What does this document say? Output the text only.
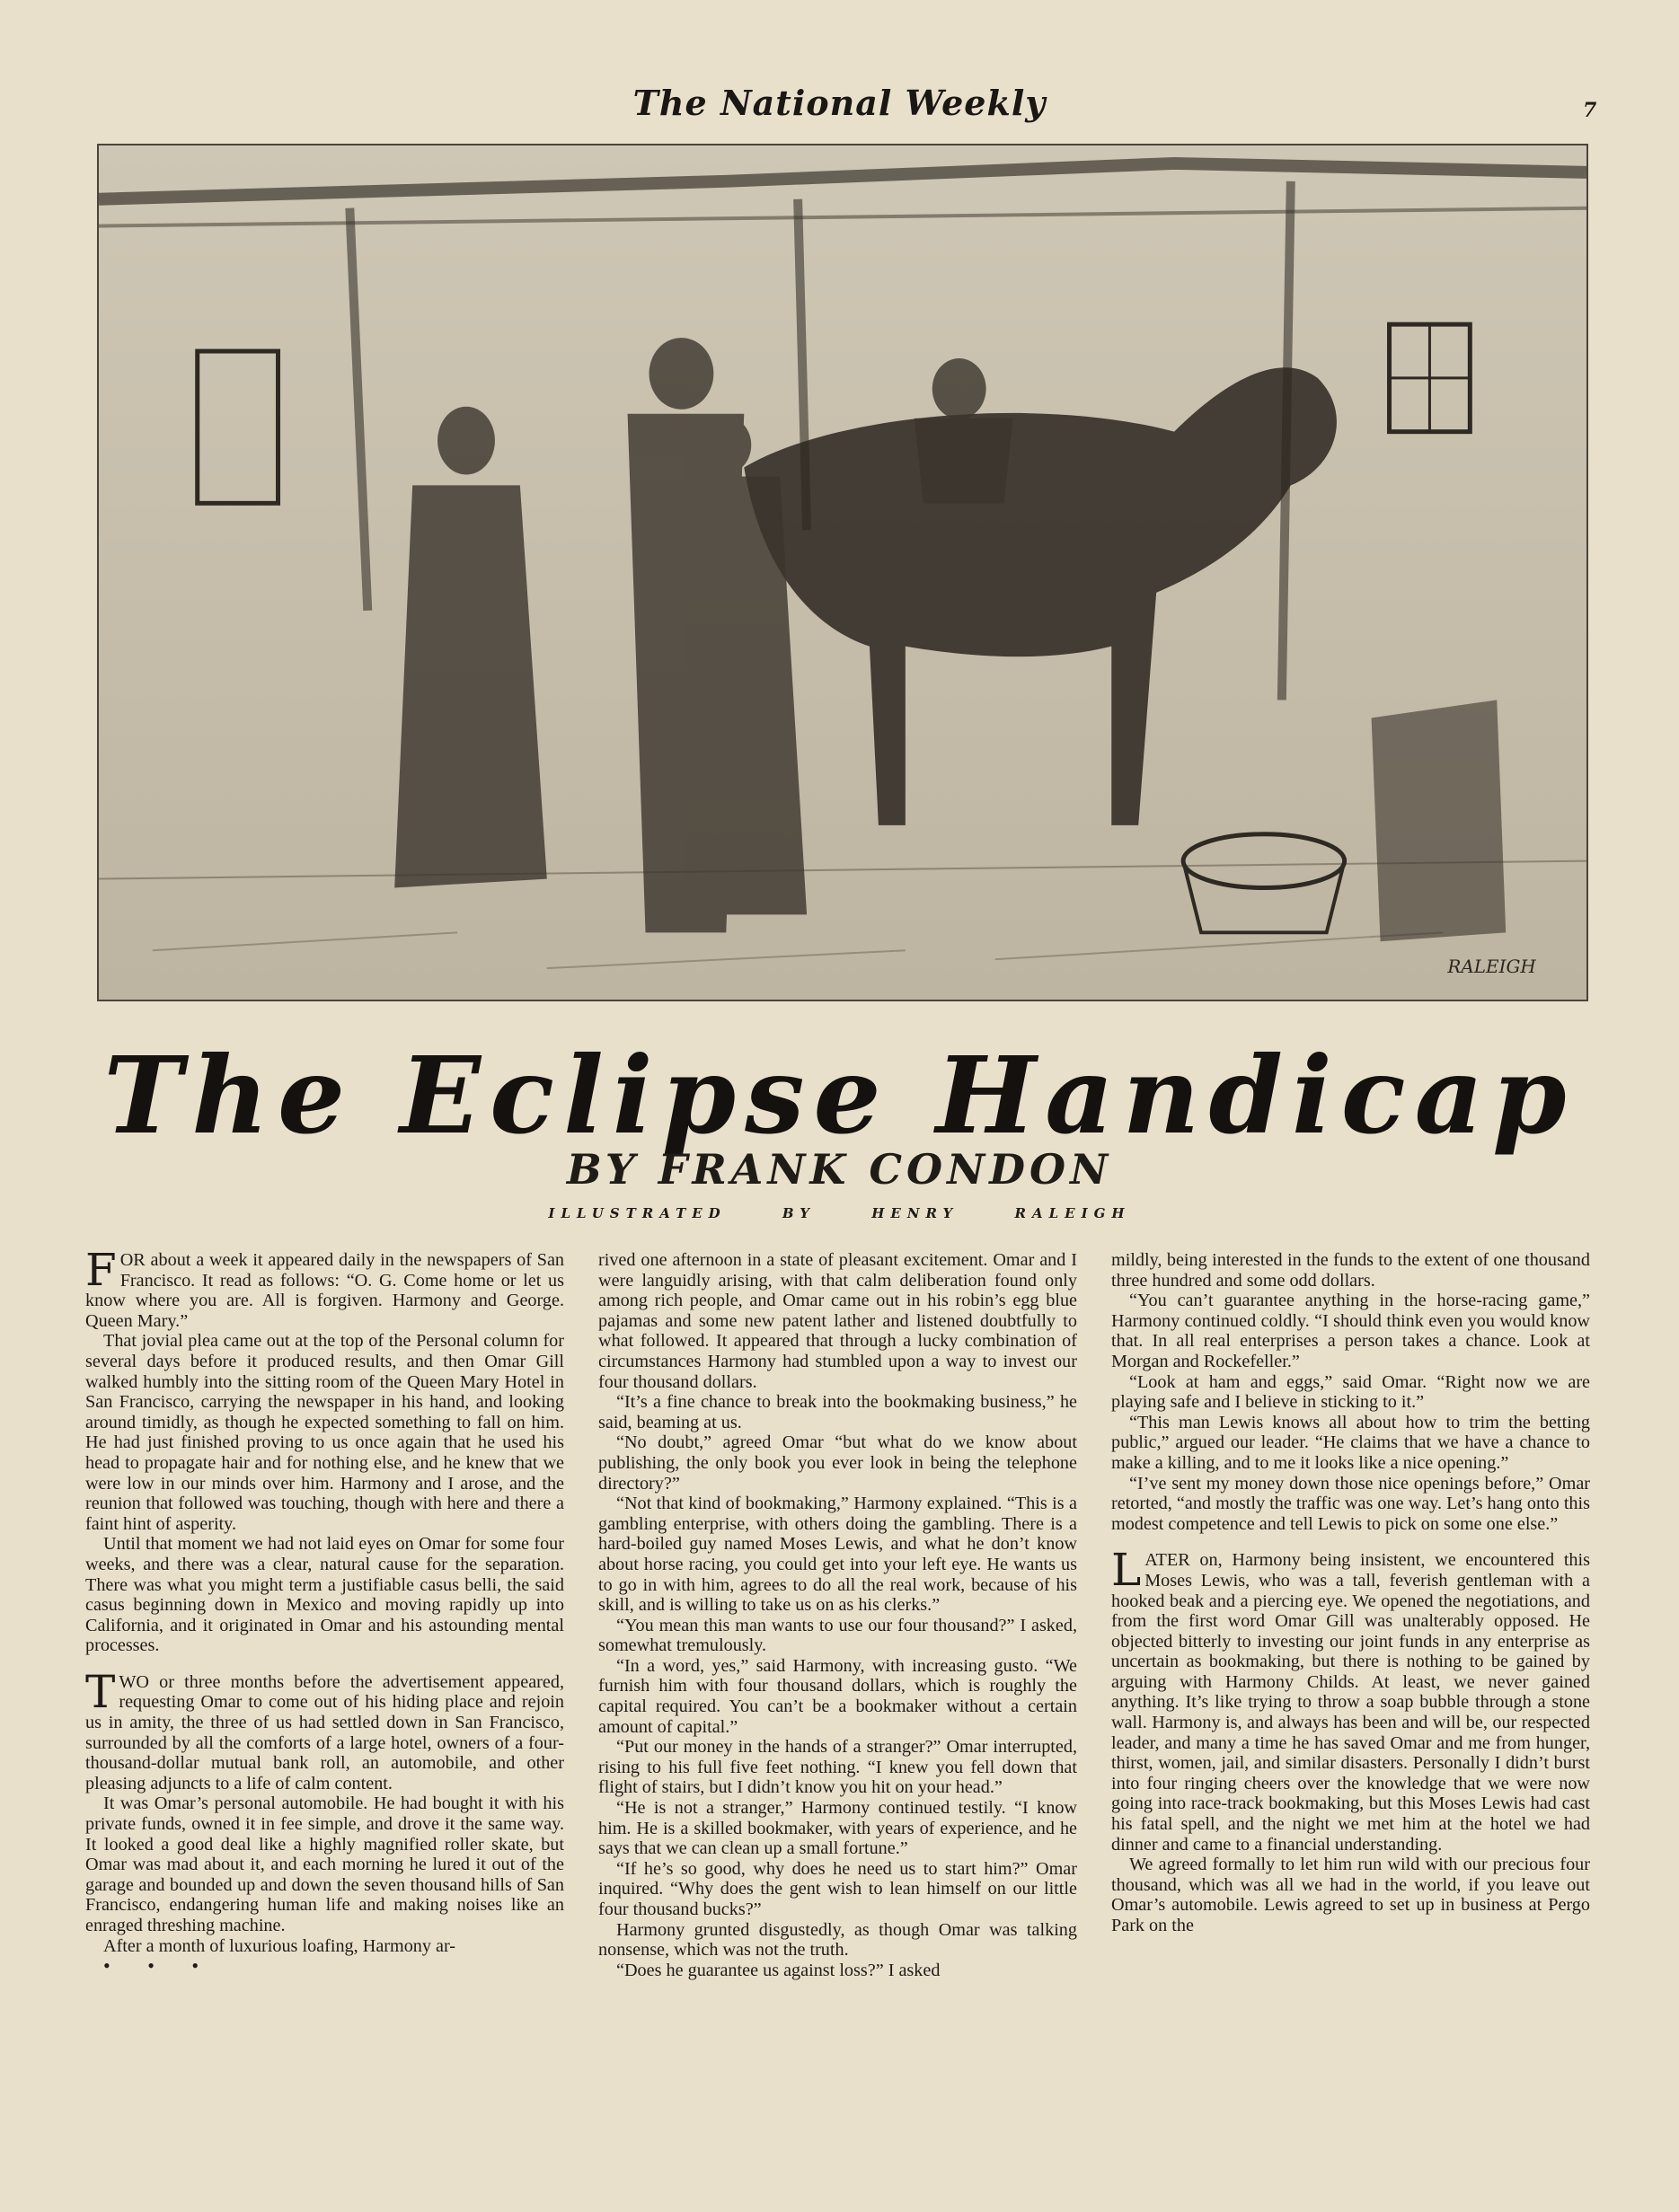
The National Weekly	7
RALEIGH
The Eclipse Handicap
BY FRANK CONDON
ILLUSTRATED BY HENRY RALEIGH

FOR about a week it appeared daily in the newspapers of San Francisco. It read as follows: “O. G. Come home or let us know where you are. All is forgiven. Harmony and George. Queen Mary.”

That jovial plea came out at the top of the Personal column for several days before it produced results, and then Omar Gill walked humbly into the sitting room of the Queen Mary Hotel in San Francisco, carrying the newspaper in his hand, and looking around timidly, as though he expected something to fall on him. He had just finished proving to us once again that he used his head to propagate hair and for nothing else, and he knew that we were low in our minds over him. Harmony and I arose, and the reunion that followed was touching, though with here and there a faint hint of asperity.

Until that moment we had not laid eyes on Omar for some four weeks, and there was a clear, natural cause for the separation. There was what you might term a justifiable casus belli, the said casus beginning down in Mexico and moving rapidly up into California, and it originated in Omar and his astounding mental processes.

TWO or three months before the advertisement appeared, requesting Omar to come out of his hiding place and rejoin us in amity, the three of us had settled down in San Francisco, surrounded by all the comforts of a large hotel, owners of a four-thousand-dollar mutual bank roll, an automobile, and other pleasing adjuncts to a life of calm content.

It was Omar’s personal automobile. He had bought it with his private funds, owned it in fee simple, and drove it the same way. It looked a good deal like a highly magnified roller skate, but Omar was mad about it, and each morning he lured it out of the garage and bounded up and down the seven thousand hills of San Francisco, endangering human life and making noises like an enraged threshing machine.

After a month of luxurious loafing, Harmony ar-

• • •

rived one afternoon in a state of pleasant excitement. Omar and I were languidly arising, with that calm deliberation found only among rich people, and Omar came out in his robin’s egg blue pajamas and some new patent lather and listened doubtfully to what followed. It appeared that through a lucky combination of circumstances Harmony had stumbled upon a way to invest our four thousand dollars.

“It’s a fine chance to break into the bookmaking business,” he said, beaming at us.

“No doubt,” agreed Omar “but what do we know about publishing, the only book you ever look in being the telephone directory?”

“Not that kind of bookmaking,” Harmony explained. “This is a gambling enterprise, with others doing the gambling. There is a hard-boiled guy named Moses Lewis, and what he don’t know about horse racing, you could get into your left eye. He wants us to go in with him, agrees to do all the real work, because of his skill, and is willing to take us on as his clerks.”

“You mean this man wants to use our four thousand?” I asked, somewhat tremulously.

“In a word, yes,” said Harmony, with increasing gusto. “We furnish him with four thousand dollars, which is roughly the capital required. You can’t be a bookmaker without a certain amount of capital.”

“Put our money in the hands of a stranger?” Omar interrupted, rising to his full five feet nothing. “I knew you fell down that flight of stairs, but I didn’t know you hit on your head.”

“He is not a stranger,” Harmony continued testily. “I know him. He is a skilled bookmaker, with years of experience, and he says that we can clean up a small fortune.”

“If he’s so good, why does he need us to start him?” Omar inquired. “Why does the gent wish to lean himself on our little four thousand bucks?”

Harmony grunted disgustedly, as though Omar was talking nonsense, which was not the truth.

“Does he guarantee us against loss?” I asked

mildly, being interested in the funds to the extent of one thousand three hundred and some odd dollars.

“You can’t guarantee anything in the horse-racing game,” Harmony continued coldly. “I should think even you would know that. In all real enterprises a person takes a chance. Look at Morgan and Rockefeller.”

“Look at ham and eggs,” said Omar. “Right now we are playing safe and I believe in sticking to it.”

“This man Lewis knows all about how to trim the betting public,” argued our leader. “He claims that we have a chance to make a killing, and to me it looks like a nice opening.”

“I’ve sent my money down those nice openings before,” Omar retorted, “and mostly the traffic was one way. Let’s hang onto this modest competence and tell Lewis to pick on some one else.”

LATER on, Harmony being insistent, we encountered this Moses Lewis, who was a tall, feverish gentleman with a hooked beak and a piercing eye. We opened the negotiations, and from the first word Omar Gill was unalterably opposed. He objected bitterly to investing our joint funds in any enterprise as uncertain as bookmaking, but there is nothing to be gained by arguing with Harmony Childs. At least, we never gained anything. It’s like trying to throw a soap bubble through a stone wall. Harmony is, and always has been and will be, our respected leader, and many a time he has saved Omar and me from hunger, thirst, women, jail, and similar disasters. Personally I didn’t burst into four ringing cheers over the knowledge that we were now going into race-track bookmaking, but this Moses Lewis had cast his fatal spell, and the night we met him at the hotel we had dinner and came to a financial understanding.

We agreed formally to let him run wild with our precious four thousand, which was all we had in the world, if you leave out Omar’s automobile. Lewis agreed to set up in business at Pergo Park on the
